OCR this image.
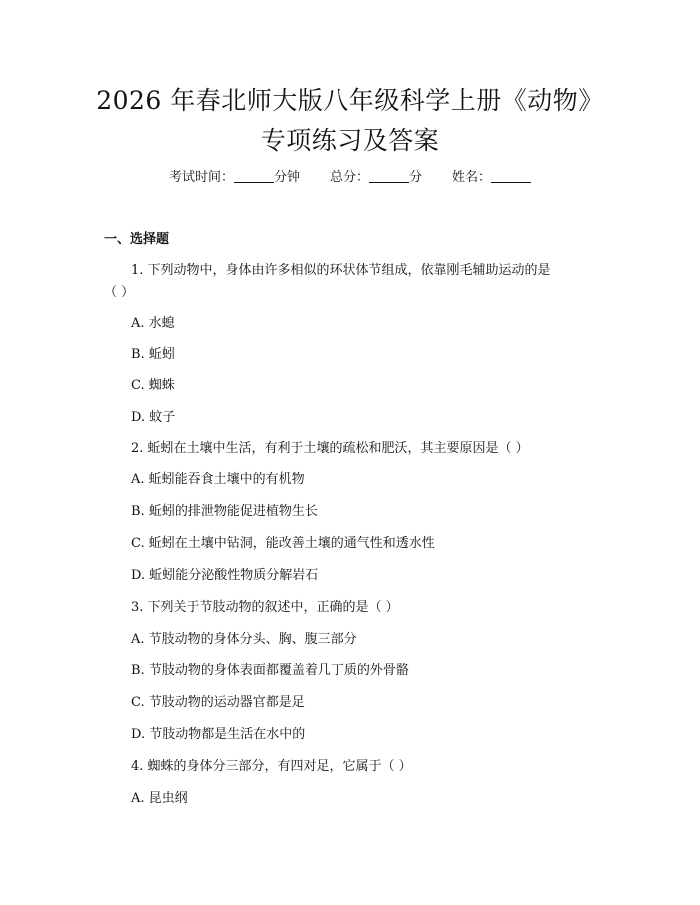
2026 年春北师大版八年级科学上册《动物》
专项练习及答案
考试时间：	分钟 总分：	分 姓名：
一、选择题
1. 下列动物中，身体由许多相似的环状体节组成，依靠刚毛辅助运动的是
（ ）
A. 水螅
B. 蚯蚓
C. 蜘蛛
D. 蚊子
2. 蚯蚓在土壤中生活，有利于土壤的疏松和肥沃，其主要原因是（ ）
A. 蚯蚓能吞食土壤中的有机物
B. 蚯蚓的排泄物能促进植物生长
C. 蚯蚓在土壤中钻洞，能改善土壤的通气性和透水性
D. 蚯蚓能分泌酸性物质分解岩石
3. 下列关于节肢动物的叙述中，正确的是（ ）
A. 节肢动物的身体分头、胸、腹三部分
B. 节肢动物的身体表面都覆盖着几丁质的外骨骼
C. 节肢动物的运动器官都是足
D. 节肢动物都是生活在水中的
4. 蜘蛛的身体分三部分，有四对足，它属于（ ）
A. 昆虫纲
